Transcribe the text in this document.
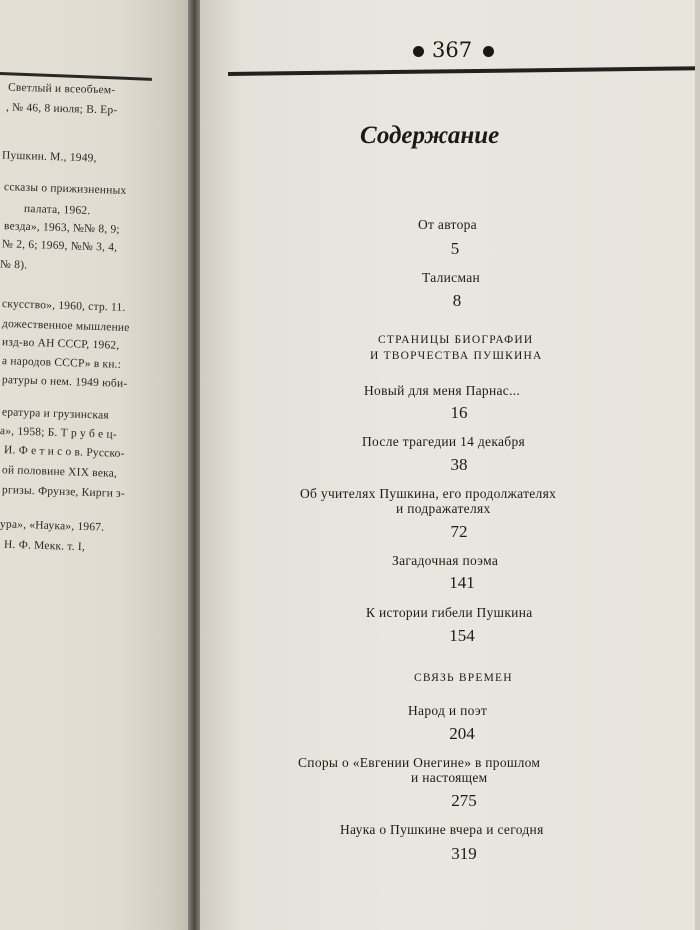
Светлый и всеобъем-
, № 46, 8 июля; В. Ер-
Пушкин. М., 1949,
ссказы о прижизненных
палата, 1962.
везда», 1963, №№ 8, 9;
№ 2, 6; 1969, №№ 3, 4,
№ 8).
скусство», 1960, стр. 11.
дожественное мышление
изд-во АН СССР, 1962,
а народов СССР» в кн.:
ратуры о нем. 1949 юби-
ература и грузинская
а», 1958; Б. Т р у б е ц-
И. Ф е т и с о в. Русско-
ой половине XIX века,
ргизы. Фрунзе, Кирги з-
ура», «Наука», 1967.
Н. Ф. Мекк. т. I,
367
Содержание
От автора
5
Талисман
8
СТРАНИЦЫ БИОГРАФИИ
И ТВОРЧЕСТВА ПУШКИНА
Новый для меня Парнас...
16
После трагедии 14 декабря
38
Об учителях Пушкина, его продолжателях
и подражателях
72
Загадочная поэма
141
К истории гибели Пушкина
154
СВЯЗЬ ВРЕМЕН
Народ и поэт
204
Споры о «Евгении Онегине» в прошлом
и настоящем
275
Наука о Пушкине вчера и сегодня
319
